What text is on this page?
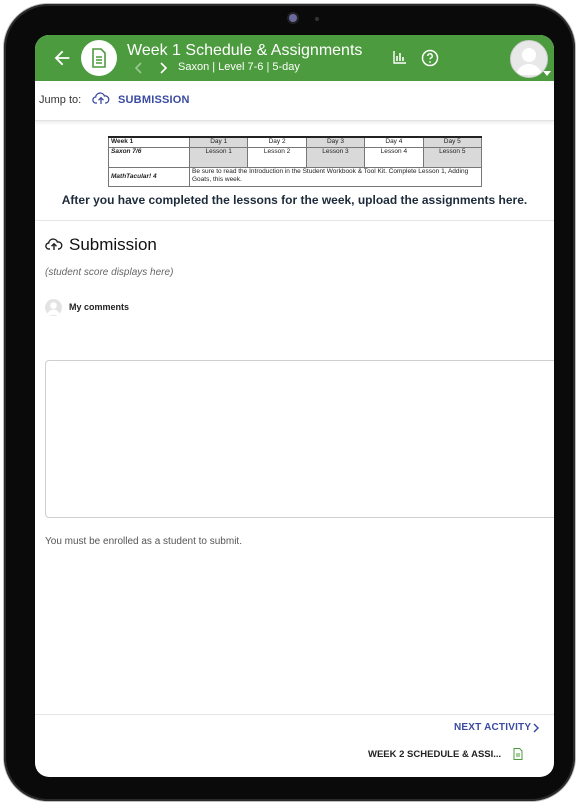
Week 1 Schedule & Assignments
Saxon | Level 7-6 | 5-day
Jump to:	SUBMISSION
Week 1	Day 1	Day 2	Day 3	Day 4	Day 5
Saxon 7/6	Lesson 1	Lesson 2	Lesson 3	Lesson 4	Lesson 5
MathTacular! 4	Be sure to read the Introduction in the Student Workbook & Tool Kit. Complete Lesson 1, Adding Goats, this week.				
After you have completed the lessons for the week, upload the assignments here.
Submission
(student score displays here)
My comments
You must be enrolled as a student to submit.
NEXT ACTIVITY
WEEK 2 SCHEDULE & ASSI...
